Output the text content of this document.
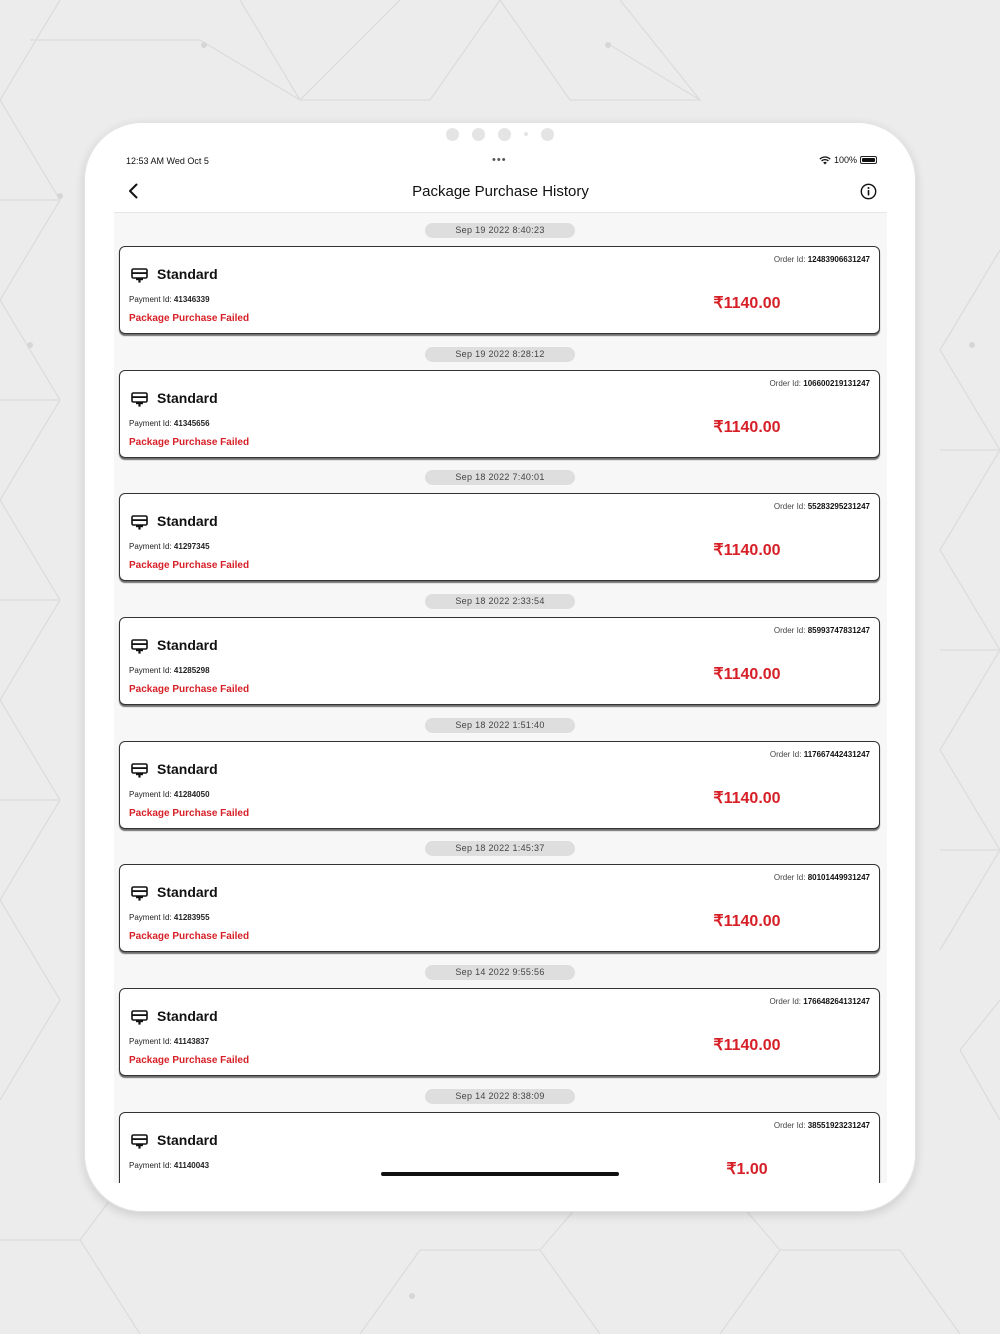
12:53 AM Wed Oct 5	•••	100%
Package Purchase History
Sep 19 2022 8:40:23
Standard
Order Id: 12483906631247
Payment Id: 41346339
Package Purchase Failed
₹1140.00
Sep 19 2022 8:28:12
Standard
Order Id: 106600219131247
Payment Id: 41345656
Package Purchase Failed
₹1140.00
Sep 18 2022 7:40:01
Standard
Order Id: 55283295231247
Payment Id: 41297345
Package Purchase Failed
₹1140.00
Sep 18 2022 2:33:54
Standard
Order Id: 85993747831247
Payment Id: 41285298
Package Purchase Failed
₹1140.00
Sep 18 2022 1:51:40
Standard
Order Id: 117667442431247
Payment Id: 41284050
Package Purchase Failed
₹1140.00
Sep 18 2022 1:45:37
Standard
Order Id: 80101449931247
Payment Id: 41283955
Package Purchase Failed
₹1140.00
Sep 14 2022 9:55:56
Standard
Order Id: 176648264131247
Payment Id: 41143837
Package Purchase Failed
₹1140.00
Sep 14 2022 8:38:09
Standard
Order Id: 38551923231247
Payment Id: 41140043	₹1.00
